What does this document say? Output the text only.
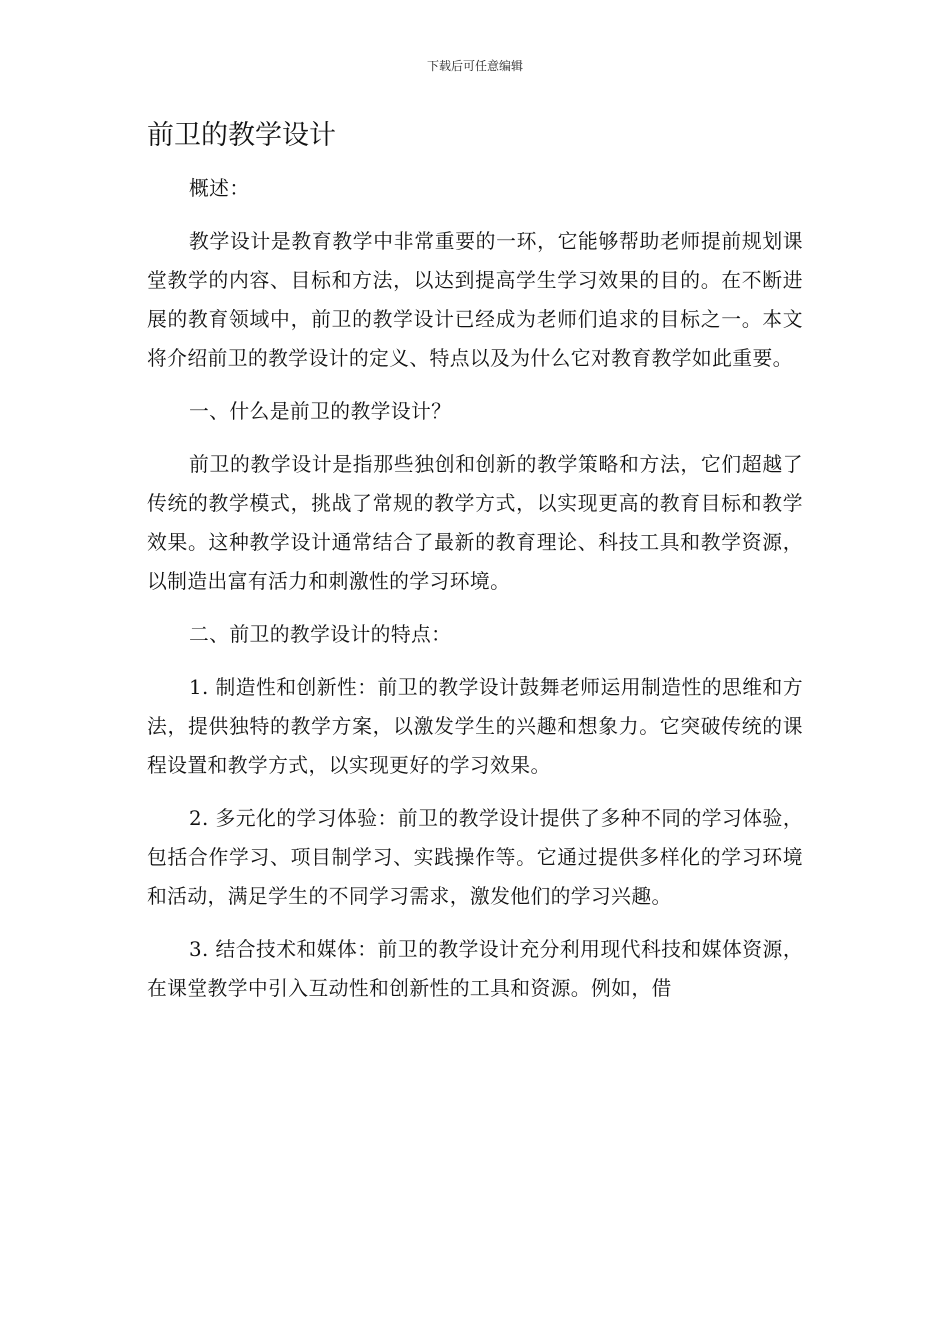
下载后可任意编辑
前卫的教学设计

概述：

教学设计是教育教学中非常重要的一环，它能够帮助老师提前规划课堂教学的内容、目标和方法，以达到提高学生学习效果的目的。在不断进展的教育领域中，前卫的教学设计已经成为老师们追求的目标之一。本文将介绍前卫的教学设计的定义、特点以及为什么它对教育教学如此重要。

一、什么是前卫的教学设计？

前卫的教学设计是指那些独创和创新的教学策略和方法，它们超越了传统的教学模式，挑战了常规的教学方式，以实现更高的教育目标和教学效果。这种教学设计通常结合了最新的教育理论、科技工具和教学资源，以制造出富有活力和刺激性的学习环境。

二、前卫的教学设计的特点：

1. 制造性和创新性：前卫的教学设计鼓舞老师运用制造性的思维和方法，提供独特的教学方案，以激发学生的兴趣和想象力。它突破传统的课程设置和教学方式，以实现更好的学习效果。

2. 多元化的学习体验：前卫的教学设计提供了多种不同的学习体验，包括合作学习、项目制学习、实践操作等。它通过提供多样化的学习环境和活动，满足学生的不同学习需求，激发他们的学习兴趣。

3. 结合技术和媒体：前卫的教学设计充分利用现代科技和媒体资源，在课堂教学中引入互动性和创新性的工具和资源。例如，借
